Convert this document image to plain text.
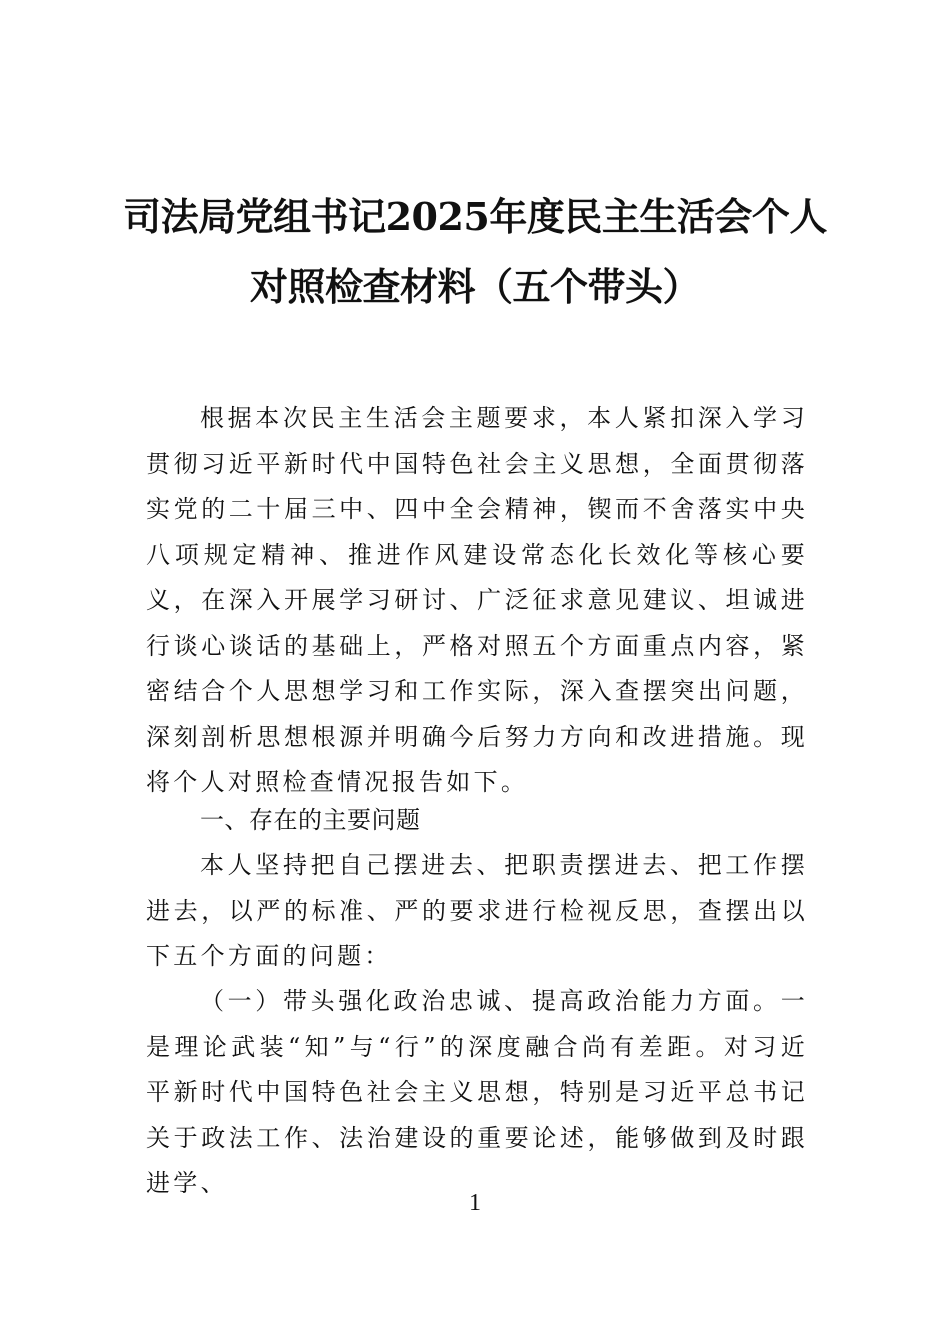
司法局党组书记2025年度民主生活会个人
对照检查材料（五个带头）

根据本次民主生活会主题要求，本人紧扣深入学习贯彻习近平新时代中国特色社会主义思想，全面贯彻落实党的二十届三中、四中全会精神，锲而不舍落实中央八项规定精神、推进作风建设常态化长效化等核心要义，在深入开展学习研讨、广泛征求意见建议、坦诚进行谈心谈话的基础上，严格对照五个方面重点内容，紧密结合个人思想学习和工作实际，深入查摆突出问题，深刻剖析思想根源并明确今后努力方向和改进措施。现将个人对照检查情况报告如下。

一、存在的主要问题

本人坚持把自己摆进去、把职责摆进去、把工作摆进去，以严的标准、严的要求进行检视反思，查摆出以下五个方面的问题：

（一）带头强化政治忠诚、提高政治能力方面。一是理论武装“知”与“行”的深度融合尚有差距。对习近平新时代中国特色社会主义思想，特别是习近平总书记关于政法工作、法治建设的重要论述，能够做到及时跟进学、

1
